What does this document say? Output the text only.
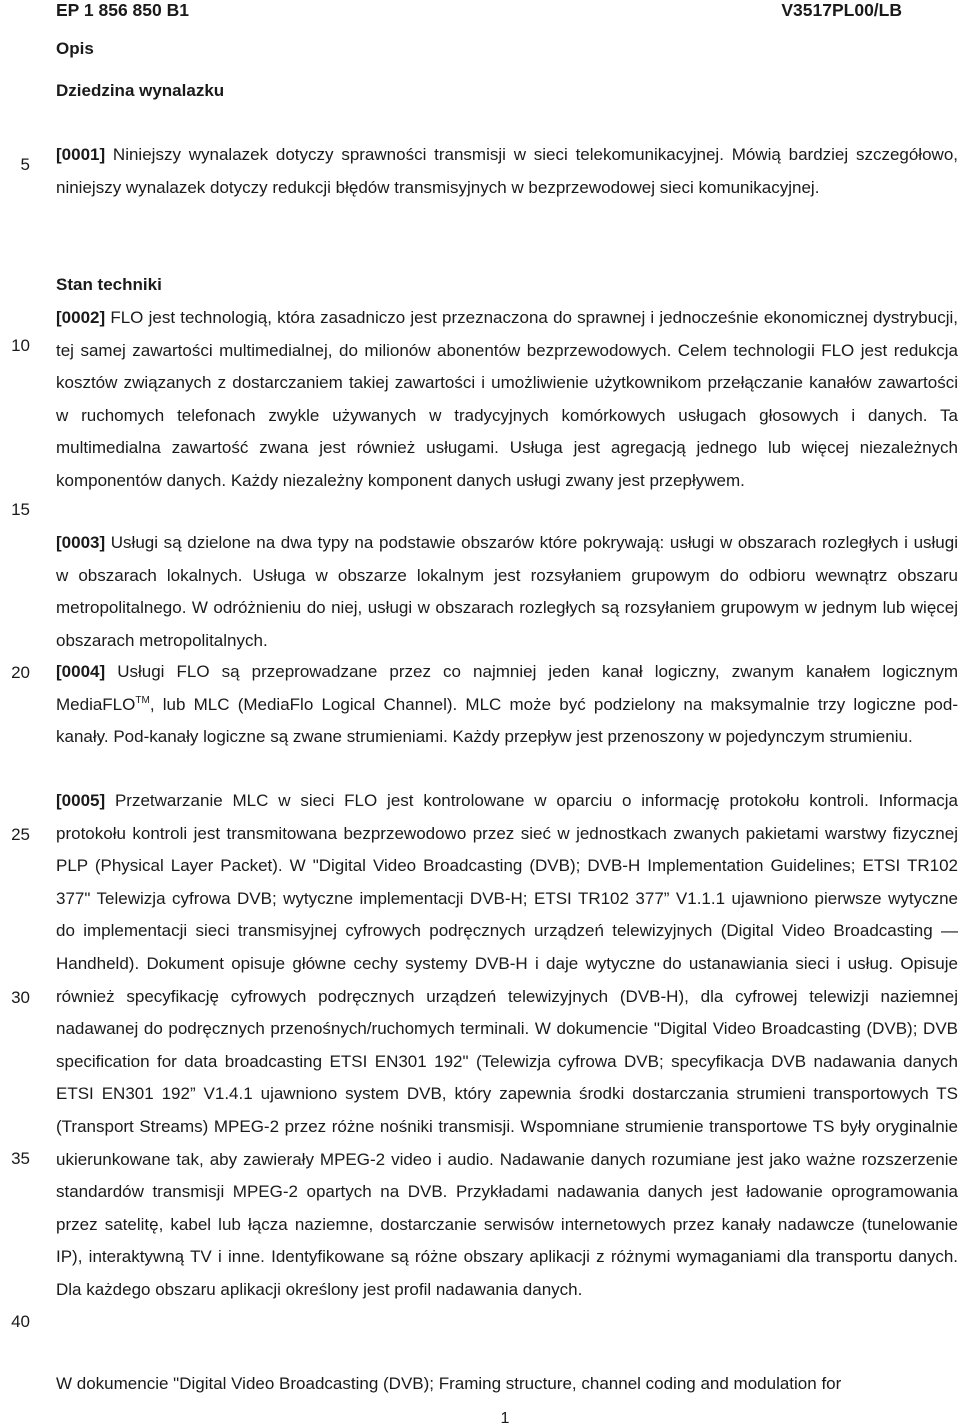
EP 1 856 850 B1	V3517PL00/LB
Opis
Dziedzina wynalazku

[0001] Niniejszy wynalazek dotyczy sprawności transmisji w sieci telekomunikacyjnej. Mówią bardziej szczegółowo, niniejszy wynalazek dotyczy redukcji błędów transmisyjnych w bezprzewodowej sieci komunikacyjnej.

Stan techniki

[0002] FLO jest technologią, która zasadniczo jest przeznaczona do sprawnej i jednocześnie ekonomicznej dystrybucji, tej samej zawartości multimedialnej, do milionów abonentów bezprzewodowych. Celem technologii FLO jest redukcja kosztów związanych z dostarczaniem takiej zawartości i umożliwienie użytkownikom przełączanie kanałów zawartości w ruchomych telefonach zwykle używanych w tradycyjnych komórkowych usługach głosowych i danych. Ta multimedialna zawartość zwana jest również usługami. Usługa jest agregacją jednego lub więcej niezależnych komponentów danych. Każdy niezależny komponent danych usługi zwany jest przepływem.

[0003] Usługi są dzielone na dwa typy na podstawie obszarów które pokrywają: usługi w obszarach rozległych i usługi w obszarach lokalnych. Usługa w obszarze lokalnym jest rozsyłaniem grupowym do odbioru wewnątrz obszaru metropolitalnego. W odróżnieniu do niej, usługi w obszarach rozległych są rozsyłaniem grupowym w jednym lub więcej obszarach metropolitalnych.

[0004] Usługi FLO są przeprowadzane przez co najmniej jeden kanał logiczny, zwanym kanałem logicznym MediaFLO™, lub MLC (MediaFlo Logical Channel). MLC może być podzielony na maksymalnie trzy logiczne pod-kanały. Pod-kanały logiczne są zwane strumieniami. Każdy przepływ jest przenoszony w pojedynczym strumieniu.

[0005] Przetwarzanie MLC w sieci FLO jest kontrolowane w oparciu o informację protokołu kontroli. Informacja protokołu kontroli jest transmitowana bezprzewodowo przez sieć w jednostkach zwanych pakietami warstwy fizycznej PLP (Physical Layer Packet). W "Digital Video Broadcasting (DVB); DVB-H Implementation Guidelines; ETSI TR102 377" Telewizja cyfrowa DVB; wytyczne implementacji DVB-H; ETSI TR102 377” V1.1.1 ujawniono pierwsze wytyczne do implementacji sieci transmisyjnej cyfrowych podręcznych urządzeń telewizyjnych (Digital Video Broadcasting — Handheld). Dokument opisuje główne cechy systemy DVB-H i daje wytyczne do ustanawiania sieci i usług. Opisuje również specyfikację cyfrowych podręcznych urządzeń telewizyjnych (DVB-H), dla cyfrowej telewizji naziemnej nadawanej do podręcznych przenośnych/ruchomych terminali. W dokumencie "Digital Video Broadcasting (DVB); DVB specification for data broadcasting ETSI EN301 192" (Telewizja cyfrowa DVB; specyfikacja DVB nadawania danych ETSI EN301 192” V1.4.1 ujawniono system DVB, który zapewnia środki dostarczania strumieni transportowych TS (Transport Streams) MPEG-2 przez różne nośniki transmisji. Wspomniane strumienie transportowe TS były oryginalnie ukierunkowane tak, aby zawierały MPEG-2 video i audio. Nadawanie danych rozumiane jest jako ważne rozszerzenie standardów transmisji MPEG-2 opartych na DVB. Przykładami nadawania danych jest ładowanie oprogramowania przez satelitę, kabel lub łącza naziemne, dostarczanie serwisów internetowych przez kanały nadawcze (tunelowanie IP), interaktywną TV i inne. Identyfikowane są różne obszary aplikacji z różnymi wymaganiami dla transportu danych. Dla każdego obszaru aplikacji określony jest profil nadawania danych.

W dokumencie "Digital Video Broadcasting (DVB); Framing structure, channel coding and modulation for

5
10
15
20
25
30
35
40
1
